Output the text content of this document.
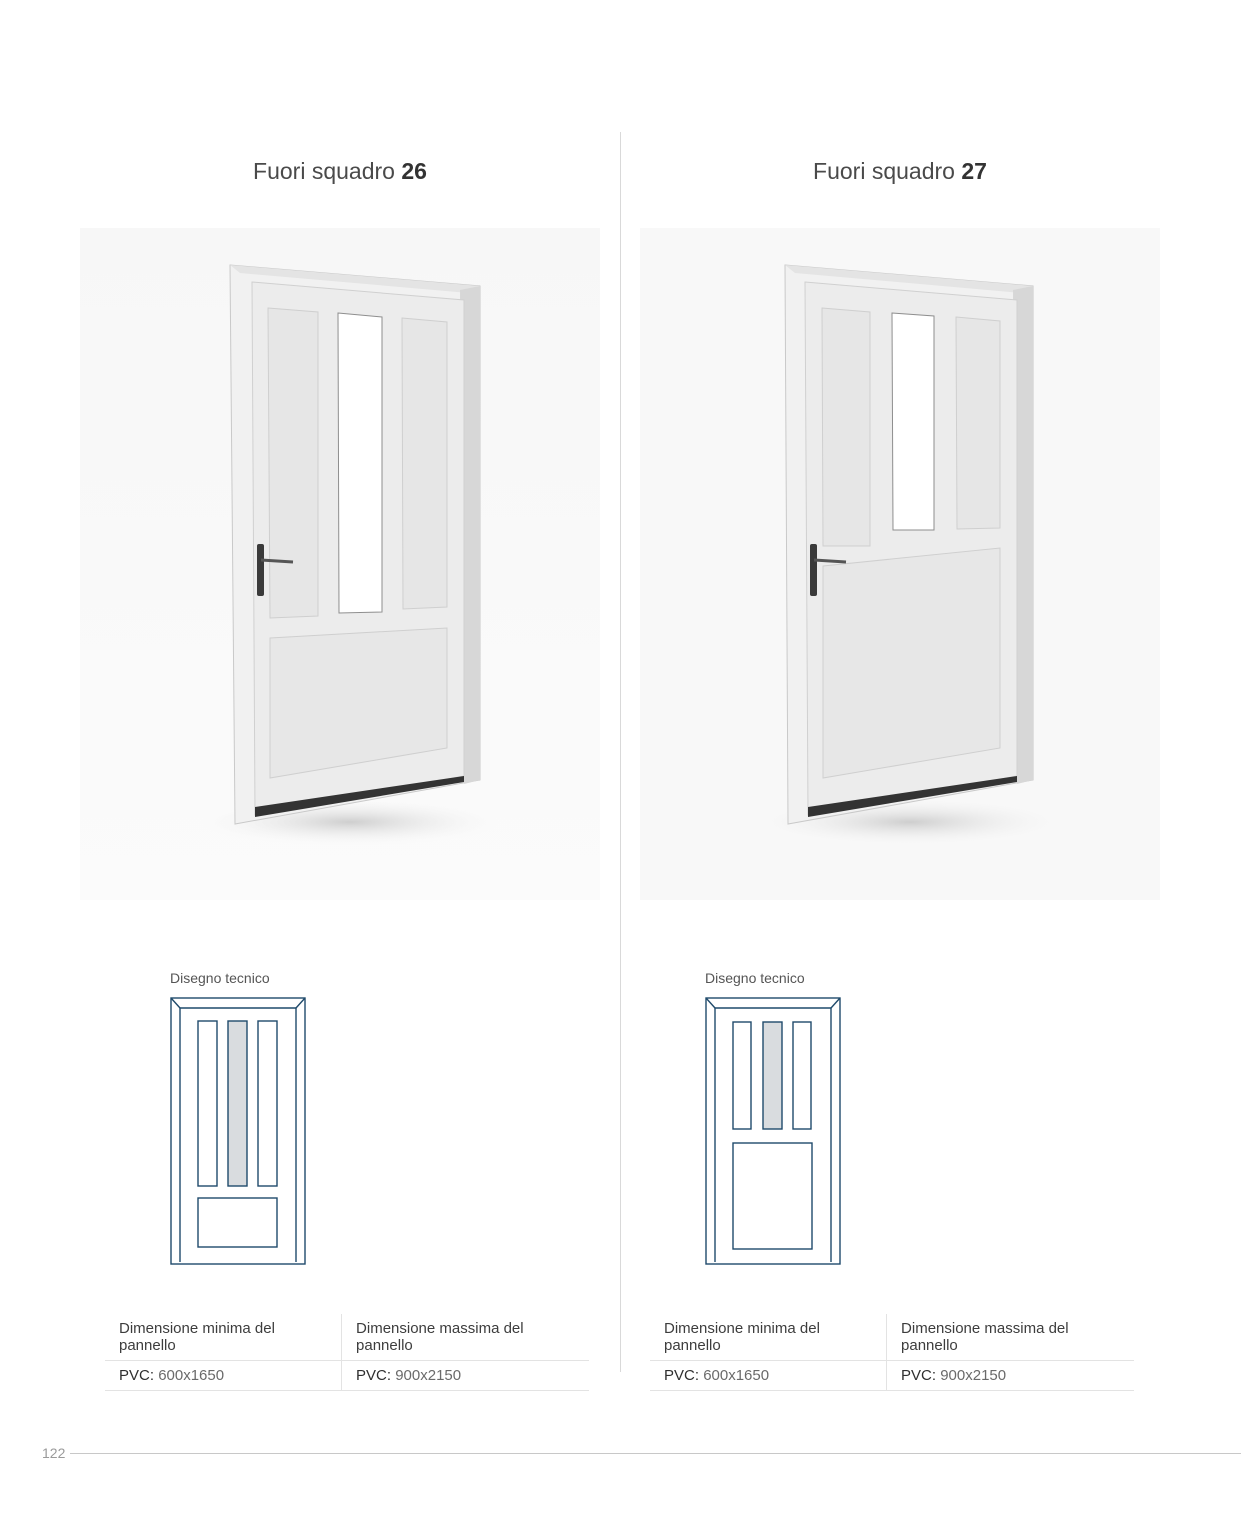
Fuori squadro 26
Disegno tecnico
Dimensione minima del pannello	Dimensione massima del pannello
PVC: 600x1650	PVC: 900x2150
Fuori squadro 27
Disegno tecnico
Dimensione minima del pannello	Dimensione massima del pannello
PVC: 600x1650	PVC: 900x2150
122
